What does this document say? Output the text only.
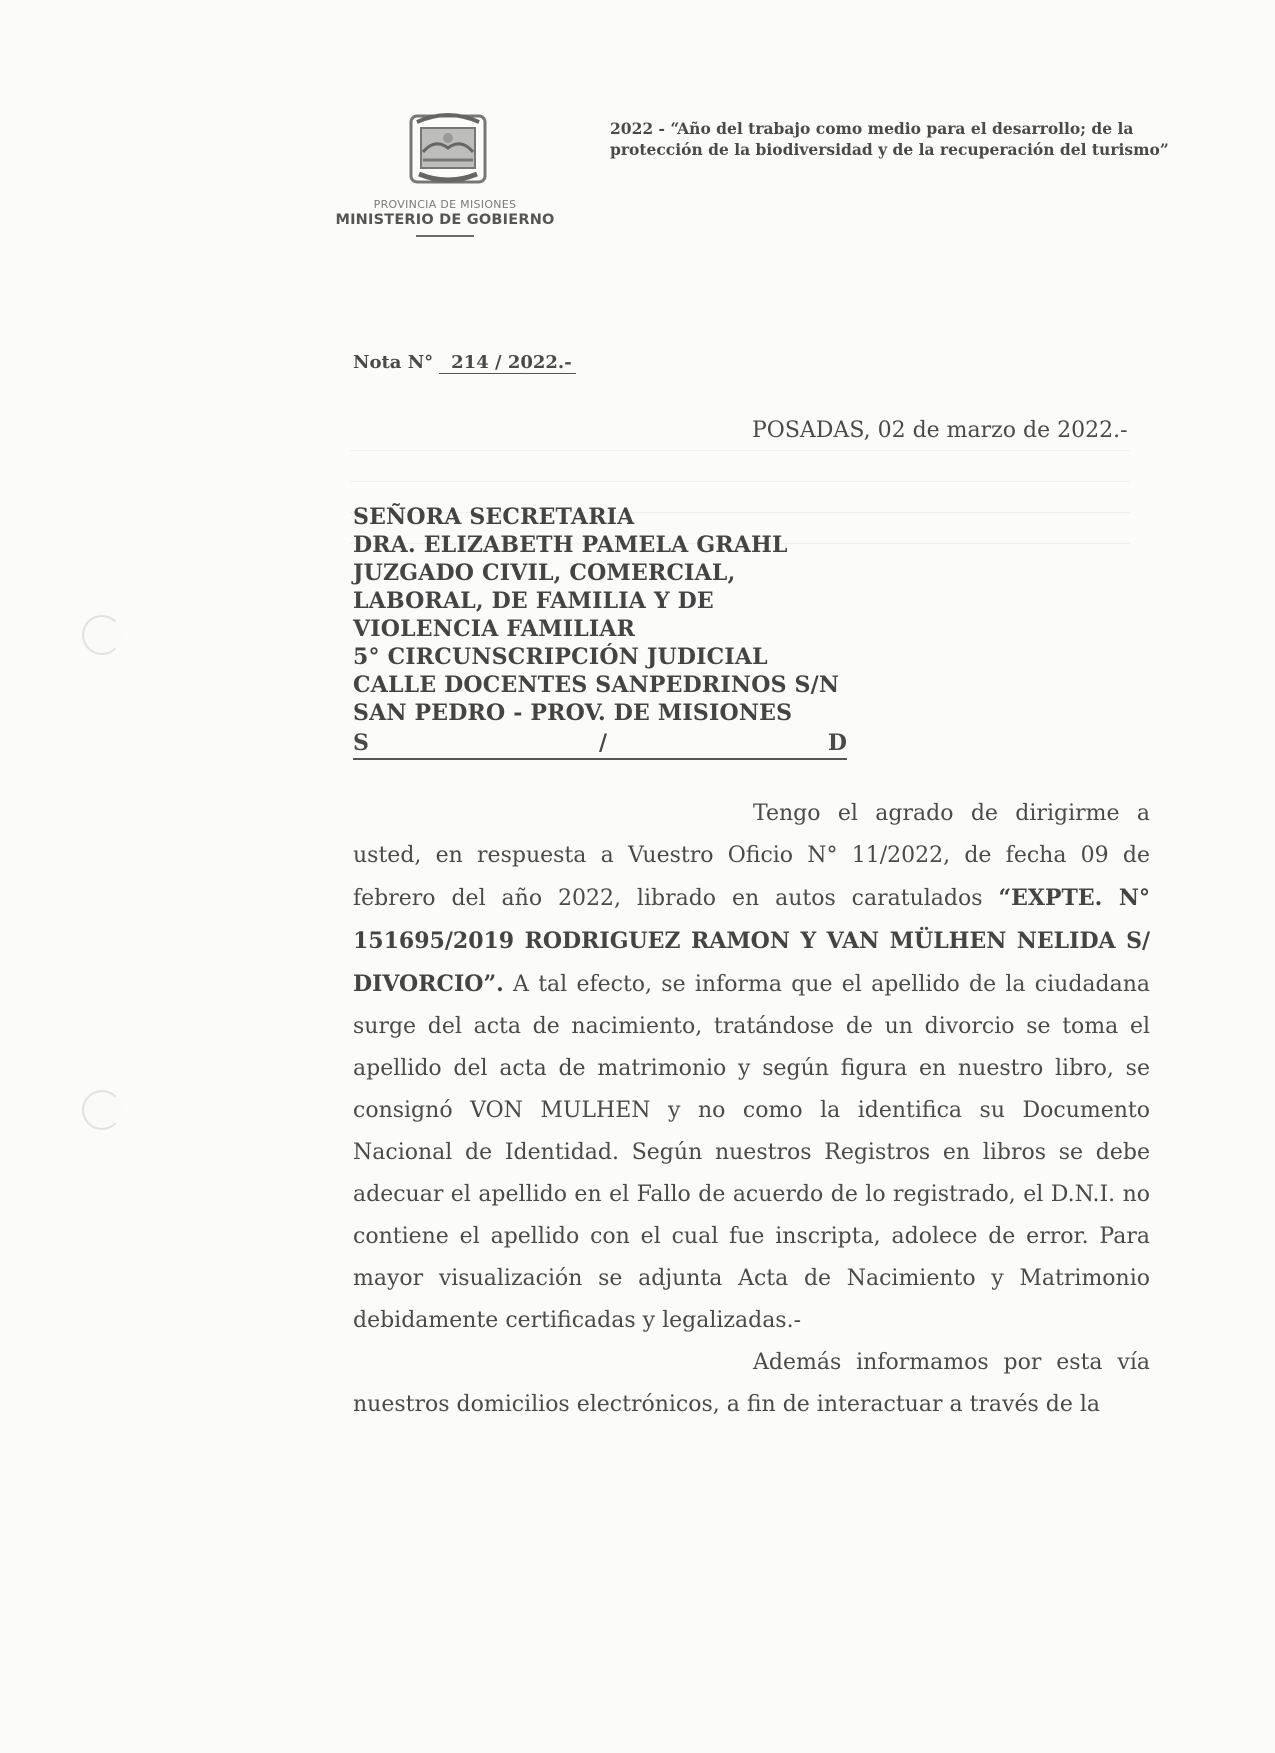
PROVINCIA DE MISIONES
MINISTERIO DE GOBIERNO
2022 - “Año del trabajo como medio para el desarrollo; de la protección de la biodiversidad y de la recuperación del turismo”
Nota N° 214 / 2022.-
POSADAS, 02 de marzo de 2022.-
SEÑORA SECRETARIA
DRA. ELIZABETH PAMELA GRAHL
JUZGADO CIVIL, COMERCIAL,
LABORAL, DE FAMILIA Y DE
VIOLENCIA FAMILIAR
5° CIRCUNSCRIPCIÓN JUDICIAL
CALLE DOCENTES SANPEDRINOS S/N
SAN PEDRO - PROV. DE MISIONES
S	/	D

Tengo el agrado de dirigirme a usted, en respuesta a Vuestro Oficio N° 11/2022, de fecha 09 de febrero del año 2022, librado en autos caratulados “EXPTE. N° 151695/2019 RODRIGUEZ RAMON Y VAN MÜLHEN NELIDA S/ DIVORCIO”. A tal efecto, se informa que el apellido de la ciudadana surge del acta de nacimiento, tratándose de un divorcio se toma el apellido del acta de matrimonio y según figura en nuestro libro, se consignó VON MULHEN y no como la identifica su Documento Nacional de Identidad. Según nuestros Registros en libros se debe adecuar el apellido en el Fallo de acuerdo de lo registrado, el D.N.I. no contiene el apellido con el cual fue inscripta, adolece de error. Para mayor visualización se adjunta Acta de Nacimiento y Matrimonio debidamente certificadas y legalizadas.-

Además informamos por esta vía nuestros domicilios electrónicos, a fin de interactuar a través de la
